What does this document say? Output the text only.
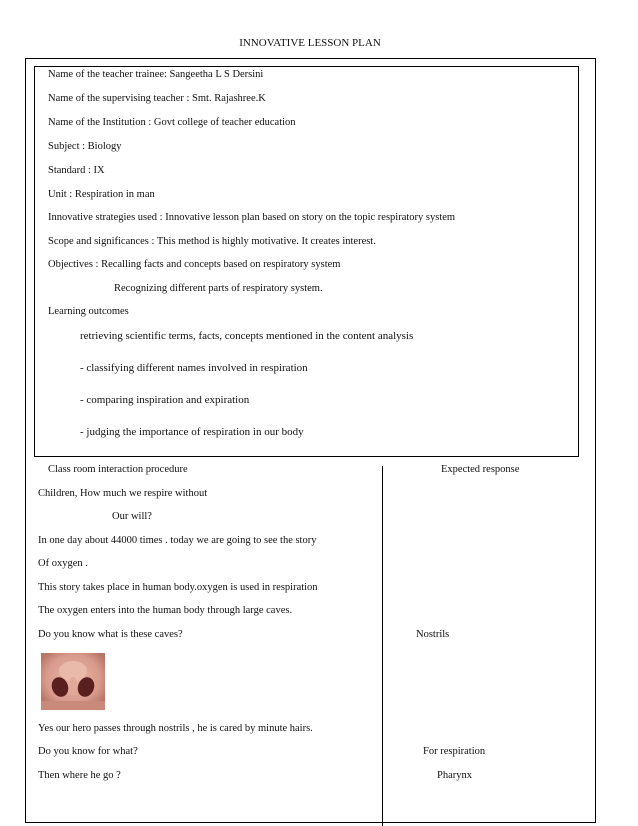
INNOVATIVE LESSON PLAN
Name of the teacher trainee: Sangeetha L S Dersini
Name of the supervising teacher : Smt. Rajashree.K
Name of the Institution : Govt college of teacher education
Subject : Biology
Standard : IX
Unit : Respiration in man
Innovative strategies used : Innovative lesson plan based on story on the topic respiratory system
Scope and significances : This method is highly motivative. It creates interest.
Objectives : Recalling facts and concepts based on respiratory system
Recognizing different parts of respiratory system.
Learning outcomes
retrieving scientific terms, facts, concepts mentioned in the content analysis
- classifying different names involved in respiration
- comparing inspiration and expiration
- judging the importance of respiration in our body
Class room interaction procedure	Expected response
Children, How much we respire without
Our will?
In one day about 44000 times . today we are going to see the story
Of oxygen .
This story takes place in human body.oxygen is used in respiration
The oxygen enters into the human body through large caves.
Do you know what is these caves?	Nostrils
Yes our hero passes through nostrils , he is cared by minute hairs.
Do you know for what?	For respiration
Then where he go ?	Pharynx
